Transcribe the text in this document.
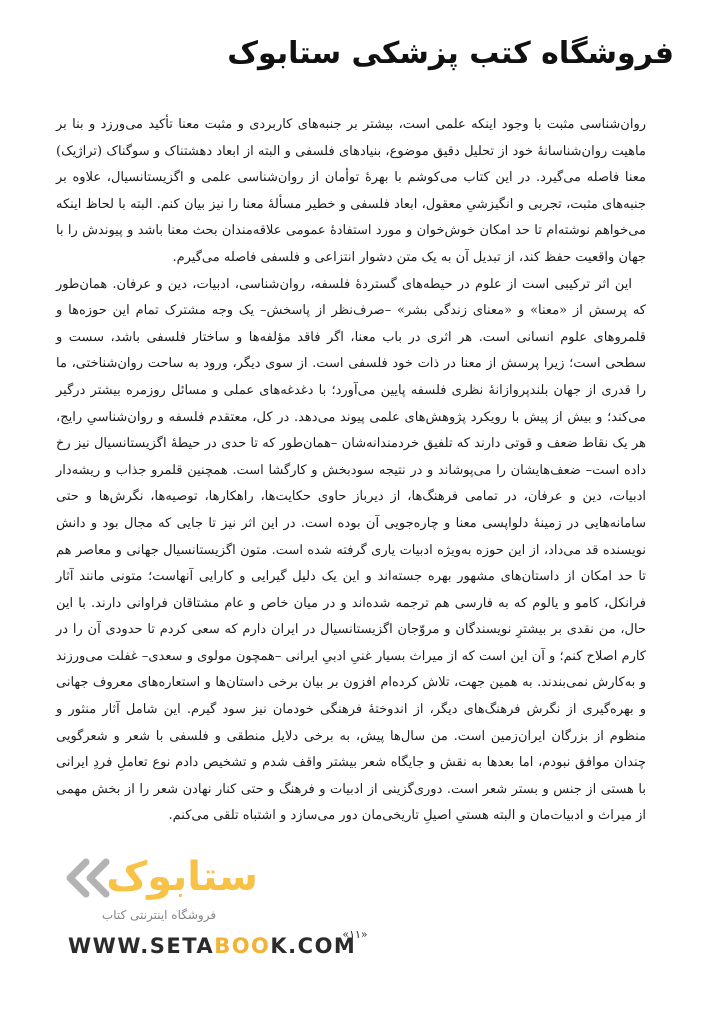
فروشگاه کتب پزشکی ستابوک

روان‌شناسی مثبت با وجود اینکه علمی است، بیشتر بر جنبه‌های کاربردی و مثبت معنا تأکید می‌ورزد و بنا بر ماهیت روان‌شناسانهٔ خود از تحلیل دقیق موضوع، بنیادهای فلسفی و البته از ابعاد دهشتناک و سوگناک (تراژیک) معنا فاصله می‌گیرد. در این کتاب می‌کوشم با بهرهٔ توأمان از روان‌شناسی علمی و اگزیستانسیال، علاوه بر جنبه‌های مثبت، تجربی و انگیزشیِ معقول، ابعاد فلسفی و خطیر مسألهٔ معنا را نیز بیان کنم. البته با لحاظ اینکه می‌خواهم نوشته‌ام تا حد امکان خوش‌خوان و مورد استفادهٔ عمومی علاقه‌مندان بحث معنا باشد و پیوندش را با جهان واقعیت حفظ کند، از تبدیل آن به یک متن دشوار انتزاعی و فلسفی فاصله می‌گیرم.

این اثر ترکیبی است از علوم در حیطه‌های گستردهٔ فلسفه، روان‌شناسی، ادبیات، دین و عرفان. همان‌طور که پرسش از «معنا» و «معنای زندگی بشر» –صرف‌نظر از پاسخش– یک وجه مشترک تمام این حوزه‌ها و قلمروهای علوم انسانی است. هر اثری در باب معنا، اگر فاقد مؤلفه‌ها و ساختار فلسفی باشد، سست و سطحی است؛ زیرا پرسش از معنا در ذات خود فلسفی است. از سوی دیگر، ورود به ساحت روان‌شناختی، ما را قدری از جهان بلندپروازانهٔ نظری فلسفه پایین می‌آورد؛ با دغدغه‌های عملی و مسائل روزمره بیشتر درگیر می‌کند؛ و بیش از پیش با رویکرد پژوهش‌های علمی پیوند می‌دهد. در کل، معتقدم فلسفه و روان‌شناسیِ رایج، هر یک نقاط ضعف و قوتی دارند که تلفیق خردمندانه‌شان –همان‌طور که تا حدی در حیطهٔ اگزیستانسیال نیز رخ داده است– ضعف‌هایشان را می‌پوشاند و در نتیجه سودبخش و کارگشا است. همچنین قلمرو جذاب و ریشه‌دار ادبیات، دین و عرفان، در تمامی فرهنگ‌ها، از دیرباز حاوی حکایت‌ها، راهکارها، توصیه‌ها، نگرش‌ها و حتی سامانه‌هایی در زمینهٔ دلواپسی معنا و چاره‌جویی آن بوده است. در این اثر نیز تا جایی که مجال بود و دانش نویسنده قد می‌داد، از این حوزه به‌ویژه ادبیات یاری گرفته شده است. متون اگزیستانسیال جهانی و معاصر هم تا حد امکان از داستان‌های مشهور بهره جسته‌اند و این یک دلیل گیرایی و کارایی آنهاست؛ متونی مانند آثار فرانکل، کامو و یالوم که به فارسی هم ترجمه شده‌اند و در میان خاص و عام مشتاقان فراوانی دارند. با این حال، من نقدی بر بیشترِ نویسندگان و مروّجان اگزیستانسیال در ایران دارم که سعی کردم تا حدودی آن را در کارم اصلاح کنم؛ و آن این است که از میراث بسیار غنیِ ادبیِ ایرانی –همچون مولوی و سعدی– غفلت می‌ورزند و به‌کارش نمی‌بندند. به همین جهت، تلاش کرده‌ام افزون بر بیان برخی داستان‌ها و استعاره‌های معروف جهانی و بهره‌گیری از نگرش فرهنگ‌های دیگر، از اندوختهٔ فرهنگی خودمان نیز سود گیرم. این شامل آثار منثور و منظوم از بزرگان ایران‌زمین است. من سال‌ها پیش، به برخی دلایل منطقی و فلسفی با شعر و شعرگویی چندان موافق نبودم، اما بعدها به نقش و جایگاه شعر بیشتر واقف شدم و تشخیص دادم نوع تعاملِ فردِ ایرانی با هستی از جنس و بستر شعر است. دوری‌گزینی از ادبیات و فرهنگ و حتی کنار نهادن شعر را از بخش مهمی از میراث و ادبیات‌مان و البته هستیِ اصیلِ تاریخی‌مان دور می‌سازد و اشتباه تلقی می‌کنم.

ستابوک
فروشگاه اینترنتی کتاب
WWW.SETABOOK.COM
«۱۱»
